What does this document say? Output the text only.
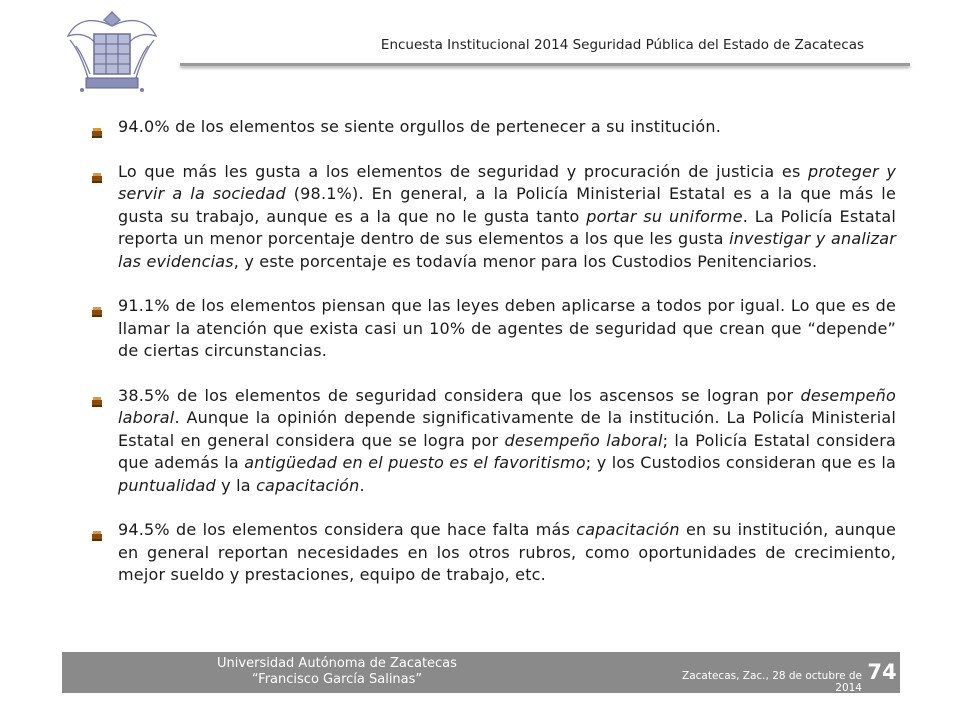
Encuesta Institucional 2014 Seguridad Pública del Estado de Zacatecas
94.0% de los elementos se siente orgullos de pertenecer a su institución.
Lo que más les gusta a los elementos de seguridad y procuración de justicia es proteger y servir a la sociedad (98.1%). En general, a la Policía Ministerial Estatal es a la que más le gusta su trabajo, aunque es a la que no le gusta tanto portar su uniforme. La Policía Estatal reporta un menor porcentaje dentro de sus elementos a los que les gusta investigar y analizar las evidencias, y este porcentaje es todavía menor para los Custodios Penitenciarios.
91.1% de los elementos piensan que las leyes deben aplicarse a todos por igual. Lo que es de llamar la atención que exista casi un 10% de agentes de seguridad que crean que “depende” de ciertas circunstancias.
38.5% de los elementos de seguridad considera que los ascensos se logran por desempeño laboral. Aunque la opinión depende significativamente de la institución. La Policía Ministerial Estatal en general considera que se logra por desempeño laboral; la Policía Estatal considera que además la antigüedad en el puesto es el favoritismo; y los Custodios consideran que es la puntualidad y la capacitación.
94.5% de los elementos considera que hace falta más capacitación en su institución, aunque en general reportan necesidades en los otros rubros, como oportunidades de crecimiento, mejor sueldo y prestaciones, equipo de trabajo, etc.
Universidad Autónoma de Zacatecas
“Francisco García Salinas”	Zacatecas, Zac., 28 de octubre de 2014
74
